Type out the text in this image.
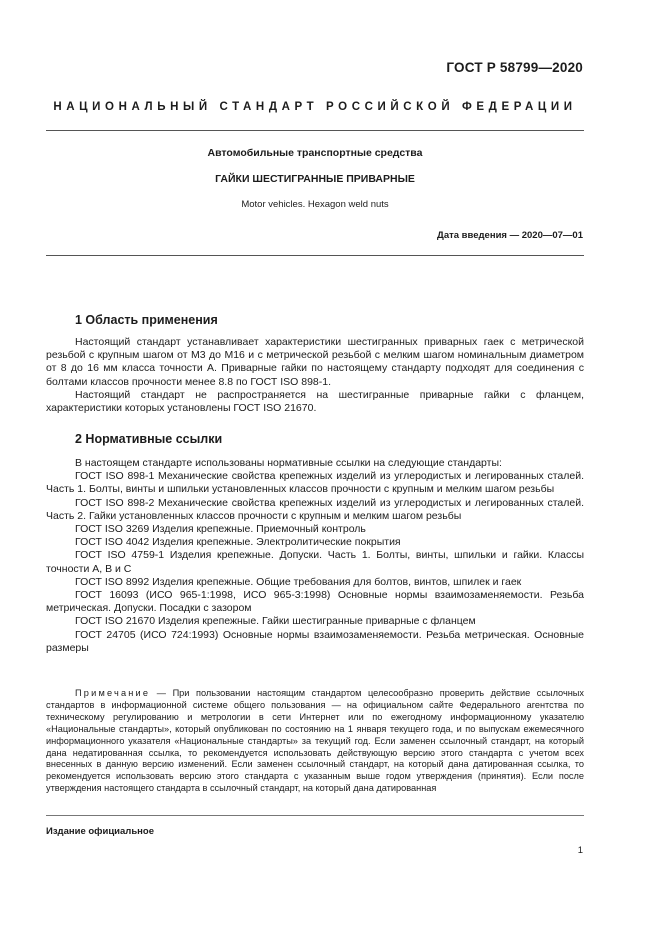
ГОСТ Р 58799—2020
НАЦИОНАЛЬНЫЙ СТАНДАРТ РОССИЙСКОЙ ФЕДЕРАЦИИ
Автомобильные транспортные средства
ГАЙКИ ШЕСТИГРАННЫЕ ПРИВАРНЫЕ
Motor vehicles. Hexagon weld nuts
Дата введения — 2020—07—01
1 Область применения

Настоящий стандарт устанавливает характеристики шестигранных приварных гаек с метрической резьбой с крупным шагом от М3 до М16 и с метрической резьбой с мелким шагом номинальным диаметром от 8 до 16 мм класса точности А. Приварные гайки по настоящему стандарту подходят для соединения с болтами классов прочности менее 8.8 по ГОСТ ISO 898-1.

Настоящий стандарт не распространяется на шестигранные приварные гайки с фланцем, характеристики которых установлены ГОСТ ISO 21670.

2 Нормативные ссылки

В настоящем стандарте использованы нормативные ссылки на следующие стандарты:

ГОСТ ISO 898-1 Механические свойства крепежных изделий из углеродистых и легированных сталей. Часть 1. Болты, винты и шпильки установленных классов прочности с крупным и мелким шагом резьбы

ГОСТ ISO 898-2 Механические свойства крепежных изделий из углеродистых и легированных сталей. Часть 2. Гайки установленных классов прочности с крупным и мелким шагом резьбы

ГОСТ ISO 3269 Изделия крепежные. Приемочный контроль

ГОСТ ISO 4042 Изделия крепежные. Электролитические покрытия

ГОСТ ISO 4759-1 Изделия крепежные. Допуски. Часть 1. Болты, винты, шпильки и гайки. Классы точности А, В и С

ГОСТ ISO 8992 Изделия крепежные. Общие требования для болтов, винтов, шпилек и гаек

ГОСТ 16093 (ИСО 965-1:1998, ИСО 965-3:1998) Основные нормы взаимозаменяемости. Резьба метрическая. Допуски. Посадки с зазором

ГОСТ ISO 21670 Изделия крепежные. Гайки шестигранные приварные с фланцем

ГОСТ 24705 (ИСО 724:1993) Основные нормы взаимозаменяемости. Резьба метрическая. Основные размеры

Примечание — При пользовании настоящим стандартом целесообразно проверить действие ссылочных стандартов в информационной системе общего пользования — на официальном сайте Федерального агентства по техническому регулированию и метрологии в сети Интернет или по ежегодному информационному указателю «Национальные стандарты», который опубликован по состоянию на 1 января текущего года, и по выпускам ежемесячного информационного указателя «Национальные стандарты» за текущий год. Если заменен ссылочный стандарт, на который дана недатированная ссылка, то рекомендуется использовать действующую версию этого стандарта с учетом всех внесенных в данную версию изменений. Если заменен ссылочный стандарт, на который дана датированная ссылка, то рекомендуется использовать версию этого стандарта с указанным выше годом утверждения (принятия). Если после утверждения настоящего стандарта в ссылочный стандарт, на который дана датированная

Издание официальное
1
